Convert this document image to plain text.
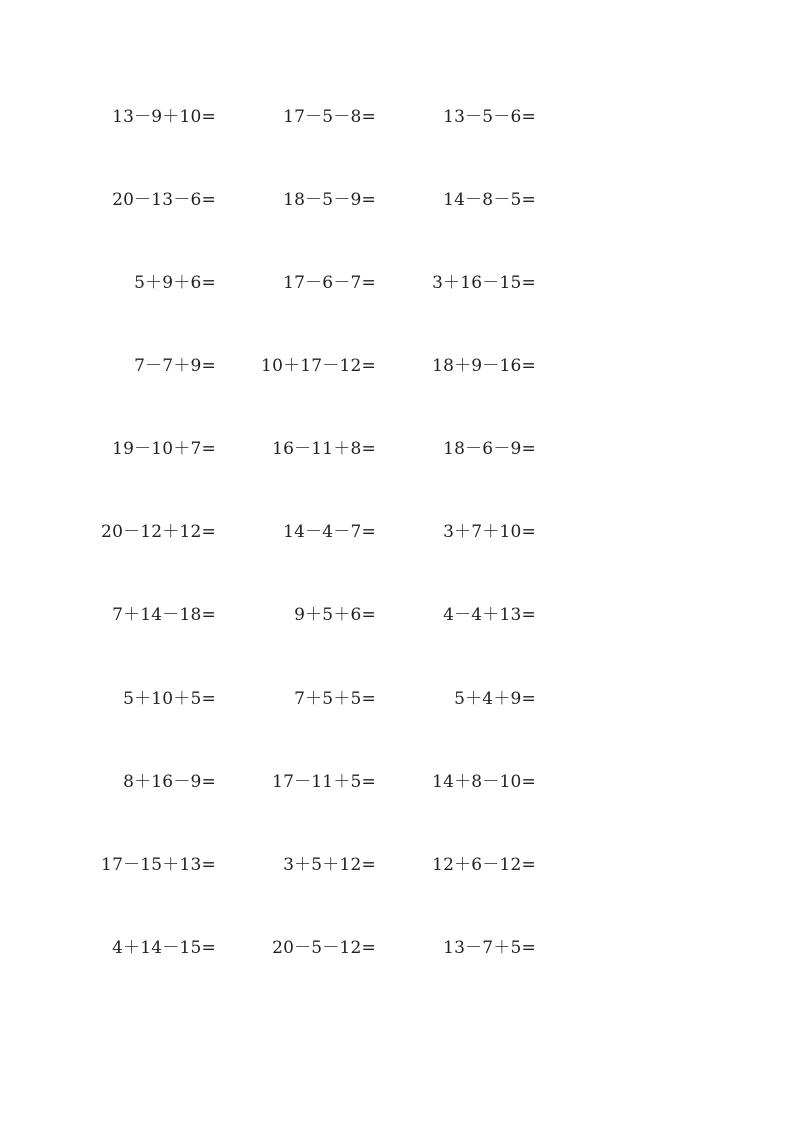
13－9＋10=	17－5－8=	13－5－6=
20－13－6=	18－5－9=	14－8－5=
5＋9＋6=	17－6－7=	3＋16－15=
7－7＋9=	10＋17－12=	18＋9－16=
19－10＋7=	16－11＋8=	18－6－9=
20－12＋12=	14－4－7=	3＋7＋10=
7＋14－18=	9＋5＋6=	4－4＋13=
5＋10＋5=	7＋5＋5=	5＋4＋9=
8＋16－9=	17－11＋5=	14＋8－10=
17－15＋13=	3＋5＋12=	12＋6－12=
4＋14－15=	20－5－12=	13－7＋5=
